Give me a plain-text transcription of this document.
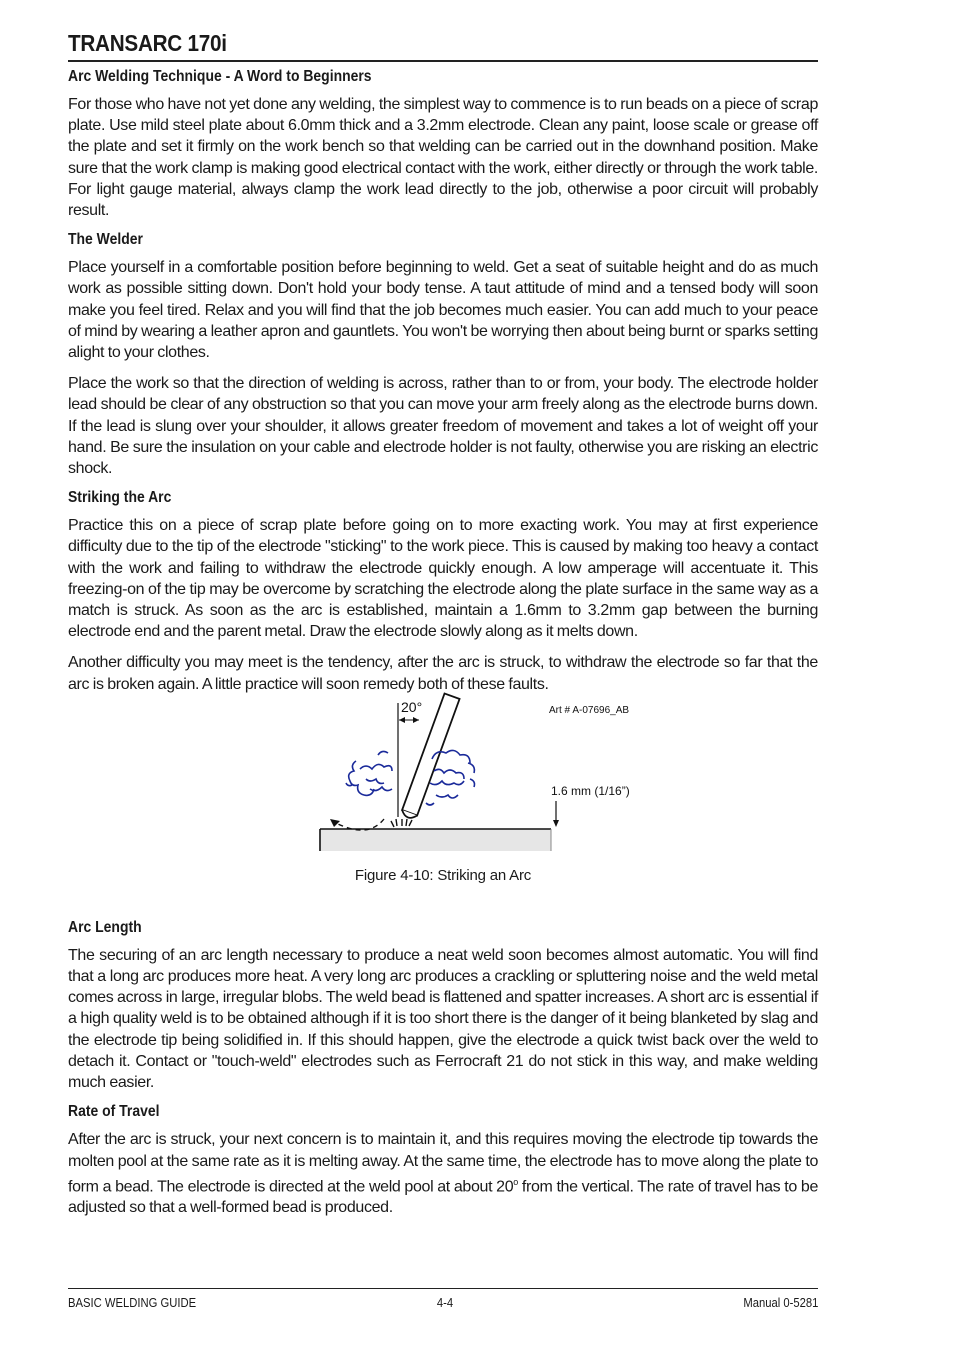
TRANSARC 170i
Arc Welding Technique - A Word to Beginners

For those who have not yet done any welding, the simplest way to commence is to run beads on a piece of scrap plate. Use mild steel plate about 6.0mm thick and a 3.2mm electrode. Clean any paint, loose scale or grease off the plate and set it firmly on the work bench so that welding can be carried out in the downhand position. Make sure that the work clamp is making good electrical contact with the work, either directly or through the work table. For light gauge material, always clamp the work lead directly to the job, otherwise a poor circuit will probably result.

The Welder

Place yourself in a comfortable position before beginning to weld. Get a seat of suitable height and do as much work as possible sitting down. Don't hold your body tense. A taut attitude of mind and a tensed body will soon make you feel tired. Relax and you will find that the job becomes much easier. You can add much to your peace of mind by wearing a leather apron and gauntlets. You won't be worrying then about being burnt or sparks setting alight to your clothes.

Place the work so that the direction of welding is across, rather than to or from, your body. The electrode holder lead should be clear of any obstruction so that you can move your arm freely along as the electrode burns down. If the lead is slung over your shoulder, it allows greater freedom of movement and takes a lot of weight off your hand. Be sure the insulation on your cable and electrode holder is not faulty, otherwise you are risking an electric shock.

Striking the Arc

Practice this on a piece of scrap plate before going on to more exacting work. You may at first experience difficulty due to the tip of the electrode "sticking" to the work piece. This is caused by making too heavy a contact with the work and failing to withdraw the electrode quickly enough. A low amperage will accentuate it. This freezing-on of the tip may be overcome by scratching the electrode along the plate surface in the same way as a match is struck. As soon as the arc is established, maintain a 1.6mm to 3.2mm gap between the burning electrode end and the parent metal. Draw the electrode slowly along as it melts down.

Another difficulty you may meet is the tendency, after the arc is struck, to withdraw the electrode so far that the arc is broken again. A little practice will soon remedy both of these faults.

20°
1.6 mm (1/16”)
Art # A-07696_AB
Figure 4-10: Striking an Arc
Arc Length

The securing of an arc length necessary to produce a neat weld soon becomes almost automatic. You will find that a long arc produces more heat. A very long arc produces a crackling or spluttering noise and the weld metal comes across in large, irregular blobs. The weld bead is flattened and spatter increases. A short arc is essential if a high quality weld is to be obtained although if it is too short there is the danger of it being blanketed by slag and the electrode tip being solidified in. If this should happen, give the electrode a quick twist back over the weld to detach it. Contact or "touch-weld" electrodes such as Ferrocraft 21 do not stick in this way, and make welding much easier.

Rate of Travel

After the arc is struck, your next concern is to maintain it, and this requires moving the electrode tip towards the molten pool at the same rate as it is melting away. At the same time, the electrode has to move along the plate to form a bead. The electrode is directed at the weld pool at about 20$^o$ from the vertical. The rate of travel has to be adjusted so that a well-formed bead is produced.

BASIC WELDING GUIDE	4-4	Manual 0-5281
